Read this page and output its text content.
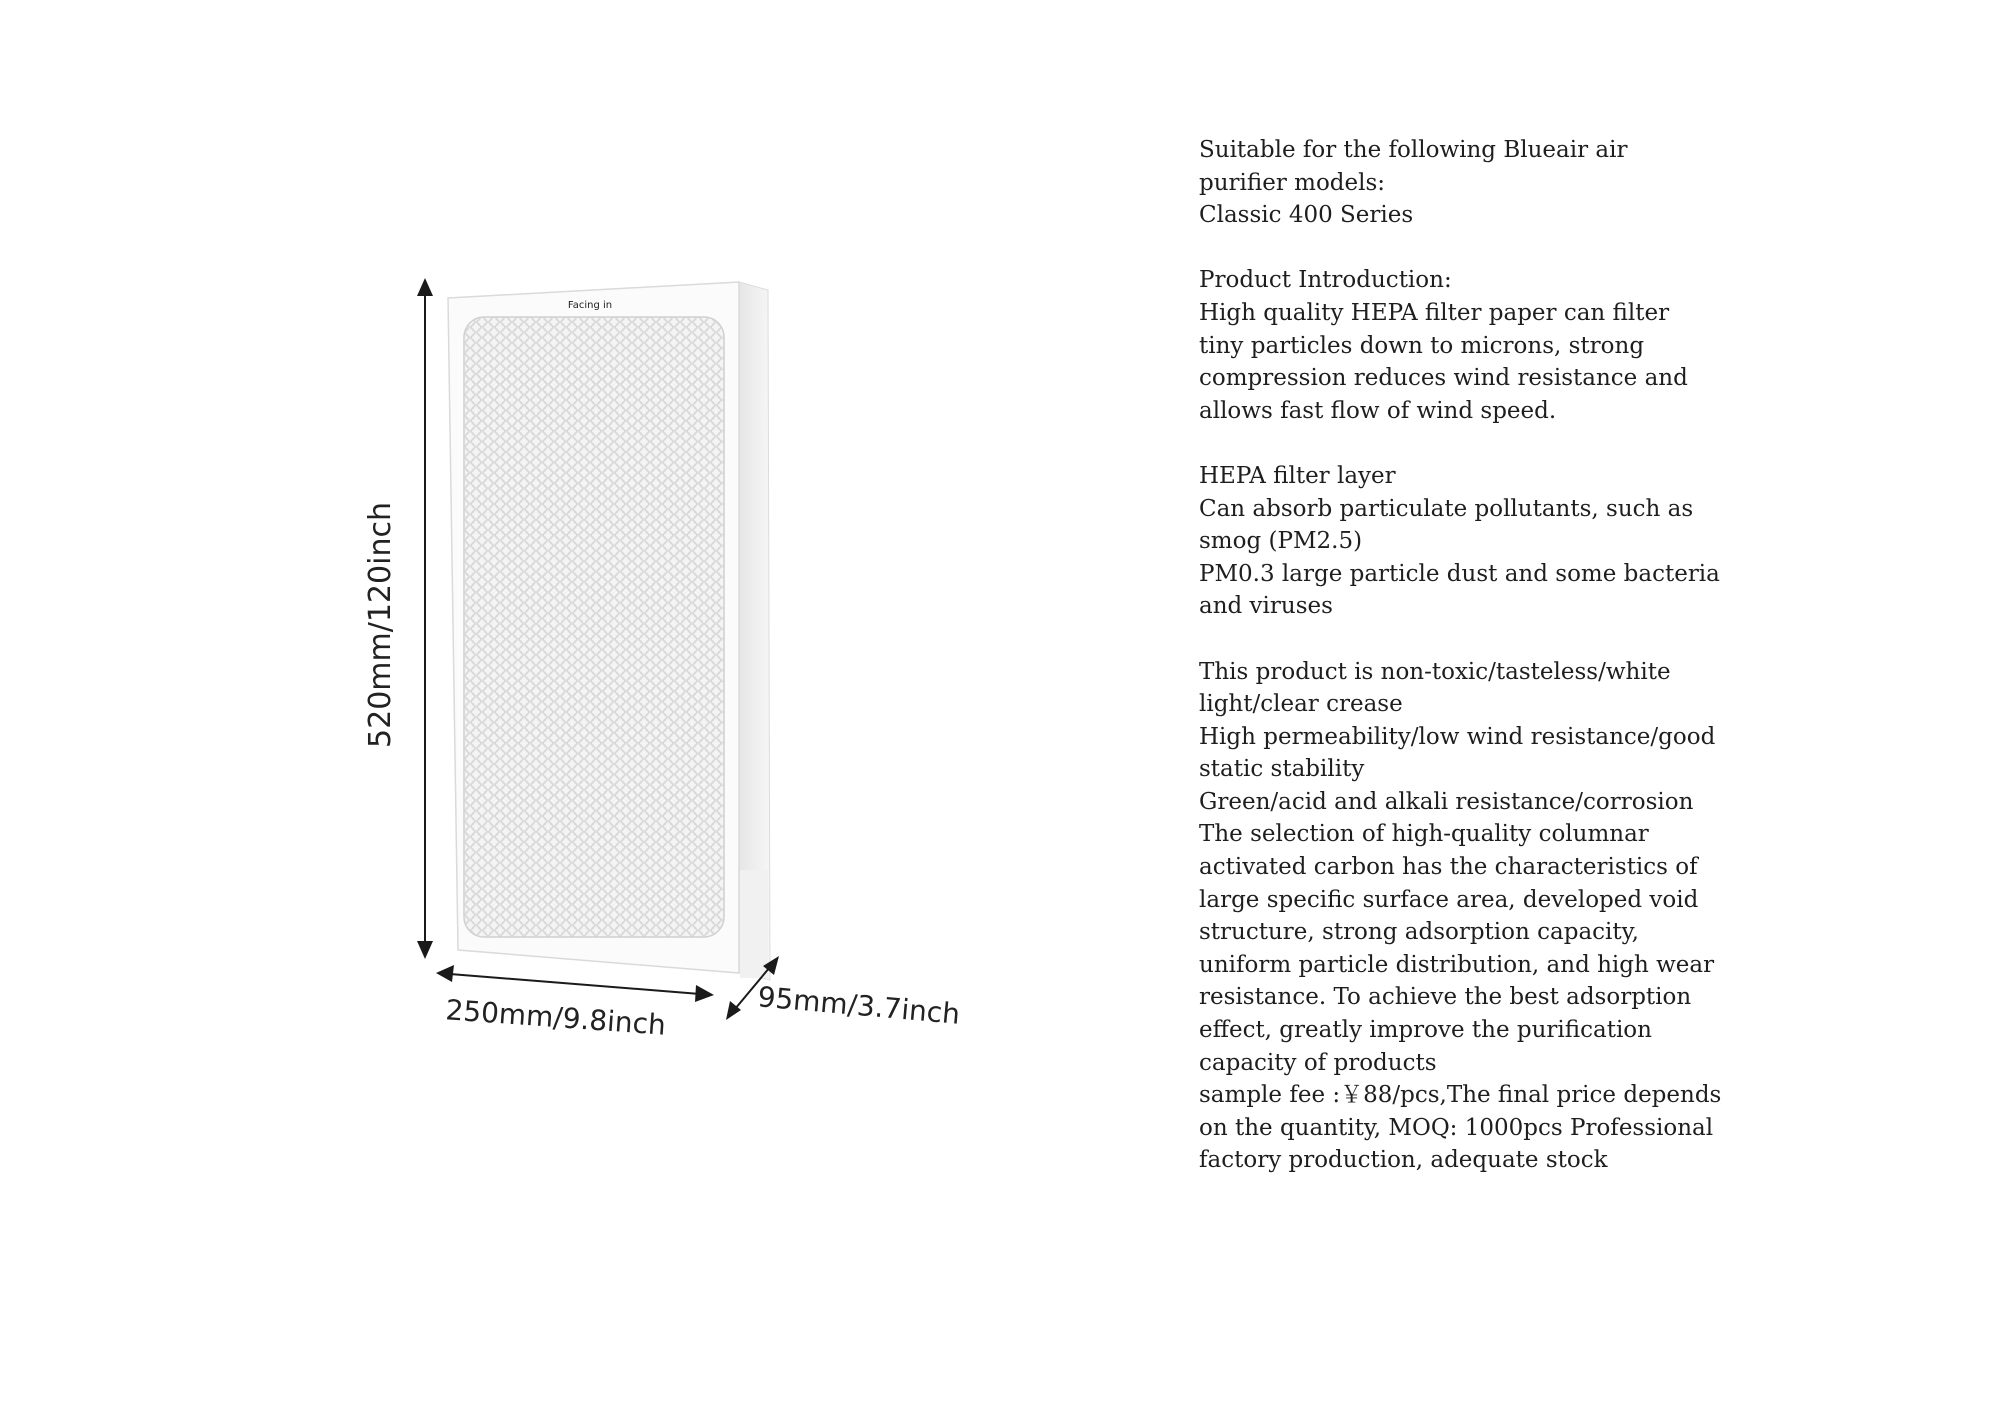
Facing in
520mm/120inch
250mm/9.8inch	95mm/3.7inch
Suitable for the following Blueair air
purifier models:
Classic 400 Series
Product Introduction:
High quality HEPA filter paper can filter
tiny particles down to microns, strong
compression reduces wind resistance and
allows fast flow of wind speed.
HEPA filter layer
Can absorb particulate pollutants, such as
smog (PM2.5)
PM0.3 large particle dust and some bacteria
and viruses
This product is non-toxic/tasteless/white
light/clear crease
High permeability/low wind resistance/good
static stability
Green/acid and alkali resistance/corrosion
The selection of high-quality columnar
activated carbon has the characteristics of
large specific surface area, developed void
structure, strong adsorption capacity,
uniform particle distribution, and high wear
resistance. To achieve the best adsorption
effect, greatly improve the purification
capacity of products
sample fee :￥88/pcs,The final price depends
on the quantity, MOQ: 1000pcs Professional
factory production, adequate stock
